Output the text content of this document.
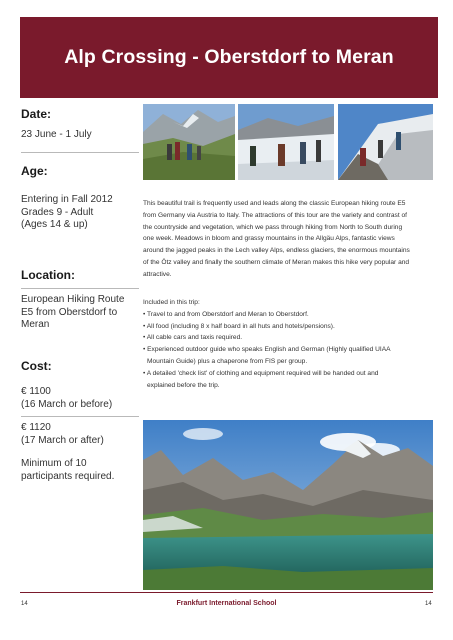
Alp Crossing - Oberstdorf to Meran
Date:
23 June - 1 July
Age:
Entering in Fall 2012
Grades 9 - Adult
(Ages 14 & up)
Location:
European Hiking Route
E5 from Oberstdorf to
Meran
Cost:
€ 1100
(16 March or before)
€ 1120
(17 March or after)
Minimum of 10
participants required.
This beautiful trail is frequently used and leads along the classic European hiking route E5
from Germany via Austria to Italy. The attractions of this tour are the variety and contrast of
the countryside and vegetation, which we pass through hiking from North to South during
one week. Meadows in bloom and grassy mountains in the Allgäu Alps, fantastic views
around the jagged peaks in the Lech valley Alps, endless glaciers, the enormous mountains
of the Ötz valley and finally the southern climate of Meran makes this hike very popular and
attractive.
Included in this trip:
• Travel to and from Oberstdorf and Meran to Oberstdorf.
• All food (including 8 x half board in all huts and hotels/pensions).
• All cable cars and taxis required.
• Experienced outdoor guide who speaks English and German (Highly qualified UIAA
Mountain Guide) plus a chaperone from FIS per group.
• A detailed 'check list' of clothing and equipment required will be handed out and
explained before the trip.
14	Frankfurt International School	14
